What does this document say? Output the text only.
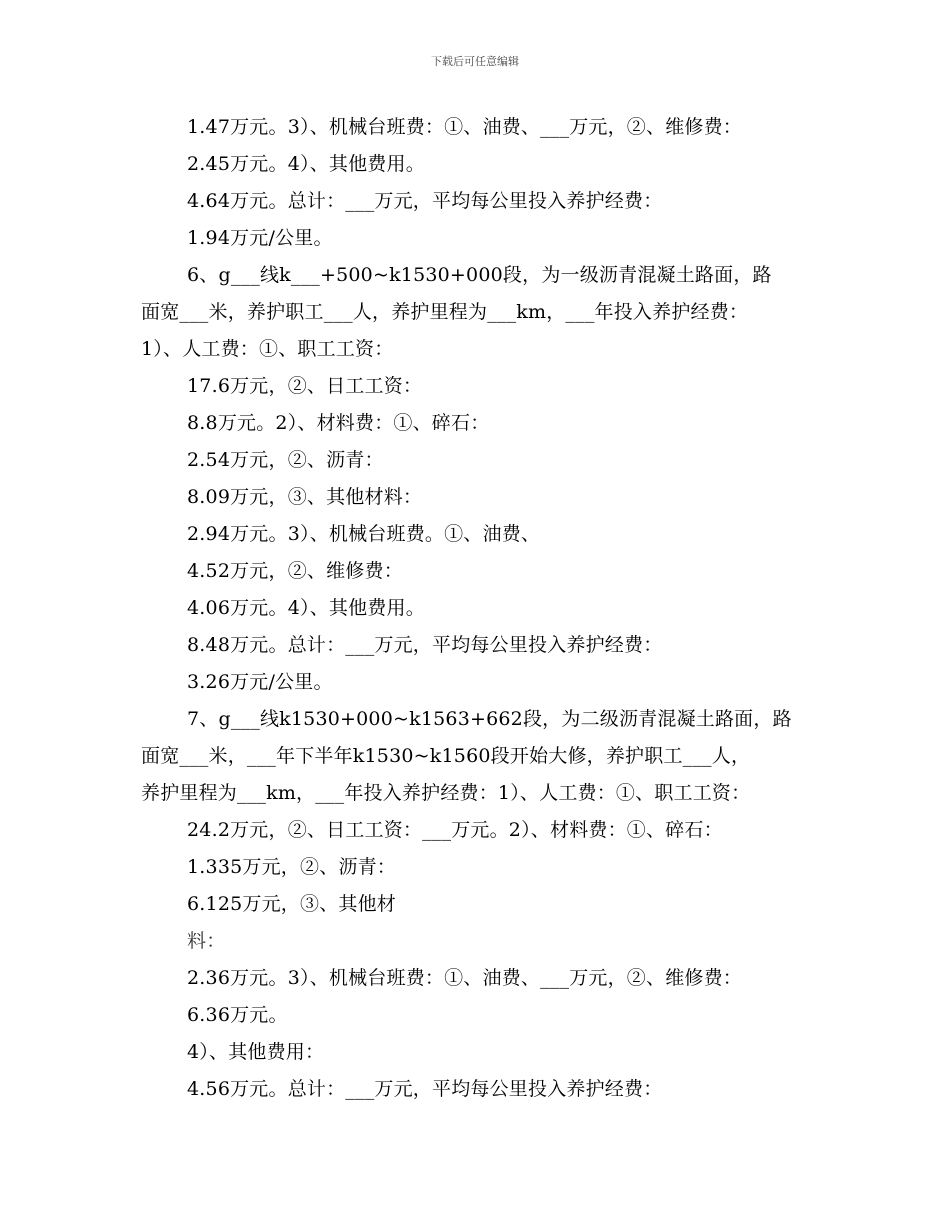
下载后可任意编辑
1.47万元。3）、机械台班费：①、油费、___万元，②、维修费：
2.45万元。4）、其他费用。
4.64万元。总计：___万元，平均每公里投入养护经费：
1.94万元/公里。
6、g___线k___+500~k1530+000段，为一级沥青混凝土路面，路
面宽___米，养护职工___人，养护里程为___km，___年投入养护经费：
1）、人工费：①、职工工资：
17.6万元，②、日工工资：
8.8万元。2）、材料费：①、碎石：
2.54万元，②、沥青：
8.09万元，③、其他材料：
2.94万元。3）、机械台班费。①、油费、
4.52万元，②、维修费：
4.06万元。4）、其他费用。
8.48万元。总计：___万元，平均每公里投入养护经费：
3.26万元/公里。
7、g___线k1530+000~k1563+662段，为二级沥青混凝土路面，路
面宽___米，___年下半年k1530~k1560段开始大修，养护职工___人，
养护里程为___km，___年投入养护经费：1）、人工费：①、职工工资：
24.2万元，②、日工工资：___万元。2）、材料费：①、碎石：
1.335万元，②、沥青：
6.125万元，③、其他材
料：
2.36万元。3）、机械台班费：①、油费、___万元，②、维修费：
6.36万元。
4）、其他费用：
4.56万元。总计：___万元，平均每公里投入养护经费：
